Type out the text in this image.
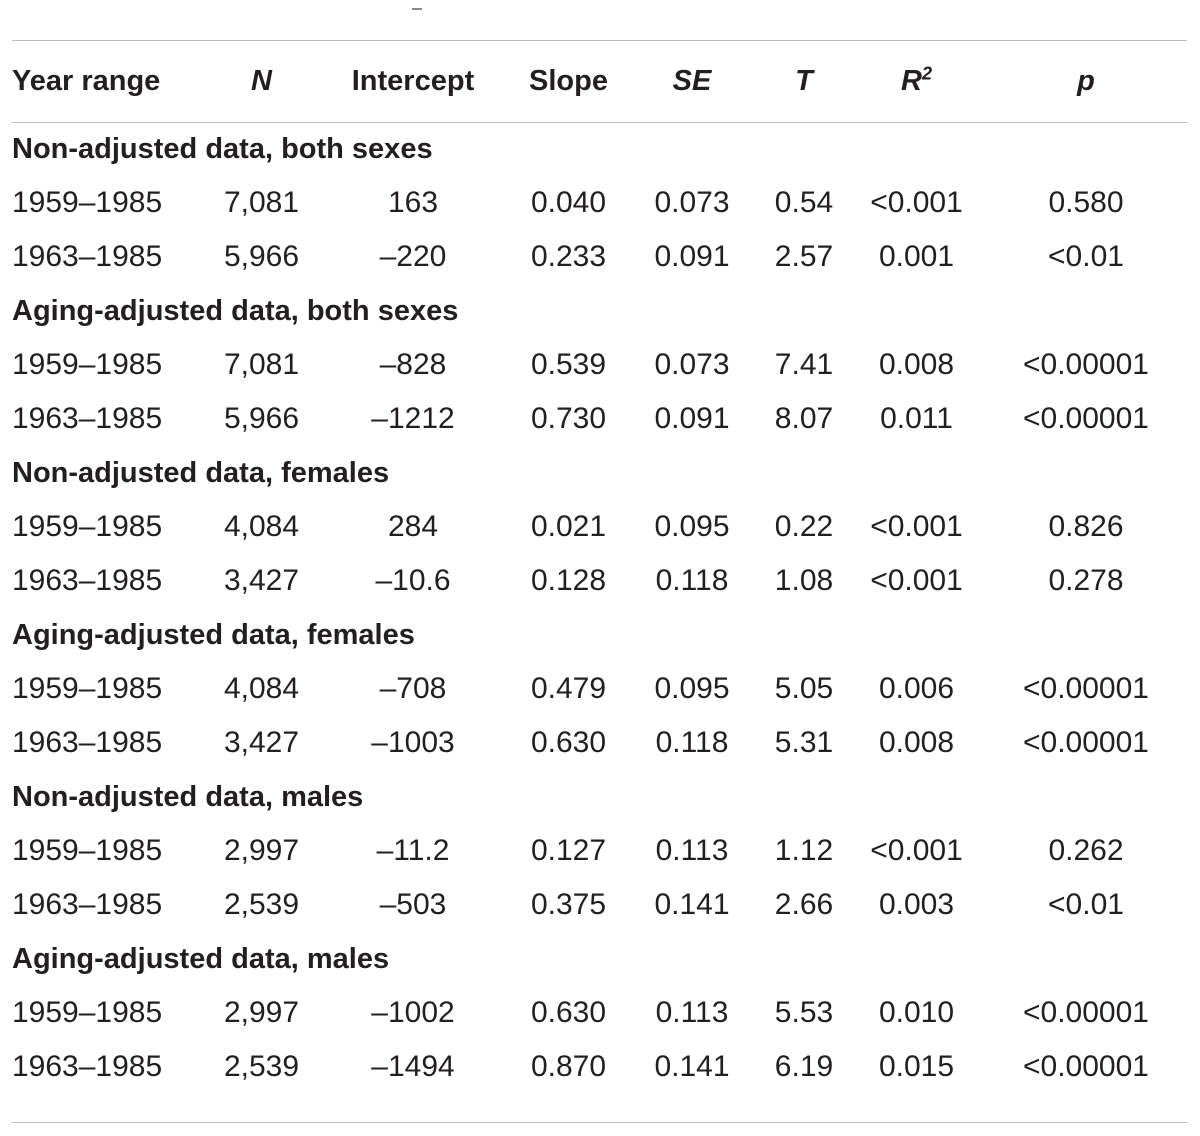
Year range	N	Intercept	Slope	SE	T	$R^2$	p
Non-adjusted data, both sexes							
1959–1985	7,081	163	0.040	0.073	0.54	<0.001	0.580
1963–1985	5,966	–220	0.233	0.091	2.57	0.001	<0.01
Aging-adjusted data, both sexes							
1959–1985	7,081	–828	0.539	0.073	7.41	0.008	<0.00001
1963–1985	5,966	–1212	0.730	0.091	8.07	0.011	<0.00001
Non-adjusted data, females							
1959–1985	4,084	284	0.021	0.095	0.22	<0.001	0.826
1963–1985	3,427	–10.6	0.128	0.118	1.08	<0.001	0.278
Aging-adjusted data, females							
1959–1985	4,084	–708	0.479	0.095	5.05	0.006	<0.00001
1963–1985	3,427	–1003	0.630	0.118	5.31	0.008	<0.00001
Non-adjusted data, males							
1959–1985	2,997	–11.2	0.127	0.113	1.12	<0.001	0.262
1963–1985	2,539	–503	0.375	0.141	2.66	0.003	<0.01
Aging-adjusted data, males							
1959–1985	2,997	–1002	0.630	0.113	5.53	0.010	<0.00001
1963–1985	2,539	–1494	0.870	0.141	6.19	0.015	<0.00001
